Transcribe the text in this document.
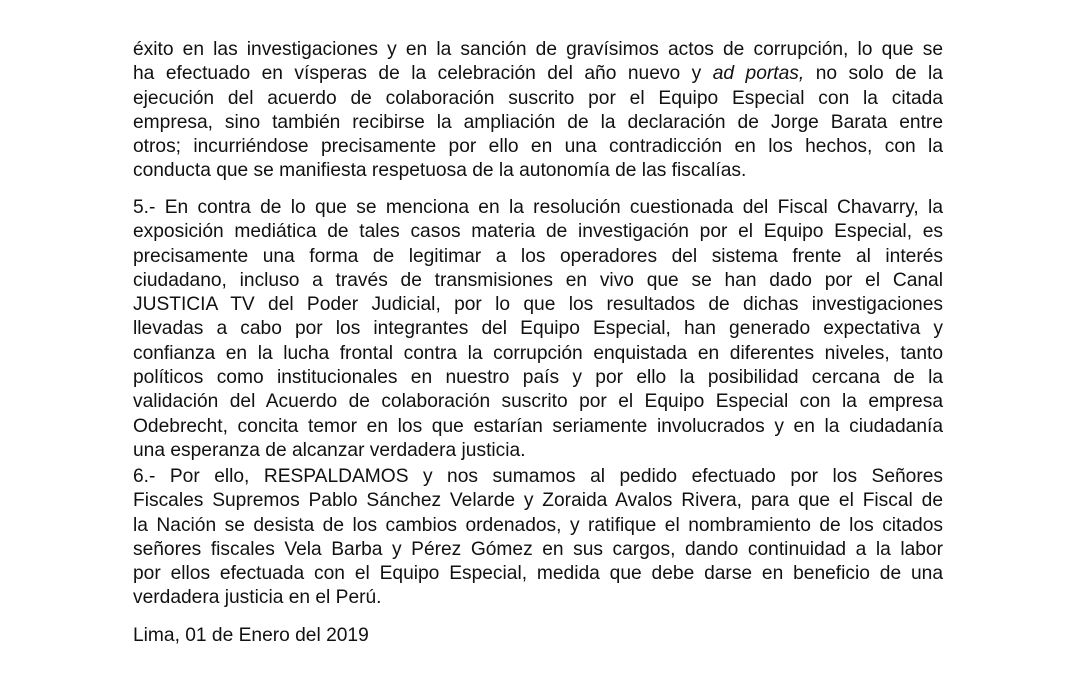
éxito en las investigaciones y en la sanción de gravísimos actos de corrupción, lo que se
ha efectuado en vísperas de la celebración del año nuevo y ad portas, no solo de la
ejecución del acuerdo de colaboración suscrito por el Equipo Especial con la citada
empresa, sino también recibirse la ampliación de la declaración de Jorge Barata entre
otros; incurriéndose precisamente por ello en una contradicción en los hechos, con la
conducta que se manifiesta respetuosa de la autonomía de las fiscalías.

5.- En contra de lo que se menciona en la resolución cuestionada del Fiscal Chavarry, la
exposición mediática de tales casos materia de investigación por el Equipo Especial, es
precisamente una forma de legitimar a los operadores del sistema frente al interés
ciudadano, incluso a través de transmisiones en vivo que se han dado por el Canal
JUSTICIA TV del Poder Judicial, por lo que los resultados de dichas investigaciones
llevadas a cabo por los integrantes del Equipo Especial, han generado expectativa y
confianza en la lucha frontal contra la corrupción enquistada en diferentes niveles, tanto
políticos como institucionales en nuestro país y por ello la posibilidad cercana de la
validación del Acuerdo de colaboración suscrito por el Equipo Especial con la empresa
Odebrecht, concita temor en los que estarían seriamente involucrados y en la ciudadanía
una esperanza de alcanzar verdadera justicia.

6.- Por ello, RESPALDAMOS y nos sumamos al pedido efectuado por los Señores
Fiscales Supremos Pablo Sánchez Velarde y Zoraida Avalos Rivera, para que el Fiscal de
la Nación se desista de los cambios ordenados, y ratifique el nombramiento de los citados
señores fiscales Vela Barba y Pérez Gómez en sus cargos, dando continuidad a la labor
por ellos efectuada con el Equipo Especial, medida que debe darse en beneficio de una
verdadera justicia en el Perú.

Lima, 01 de Enero del 2019
